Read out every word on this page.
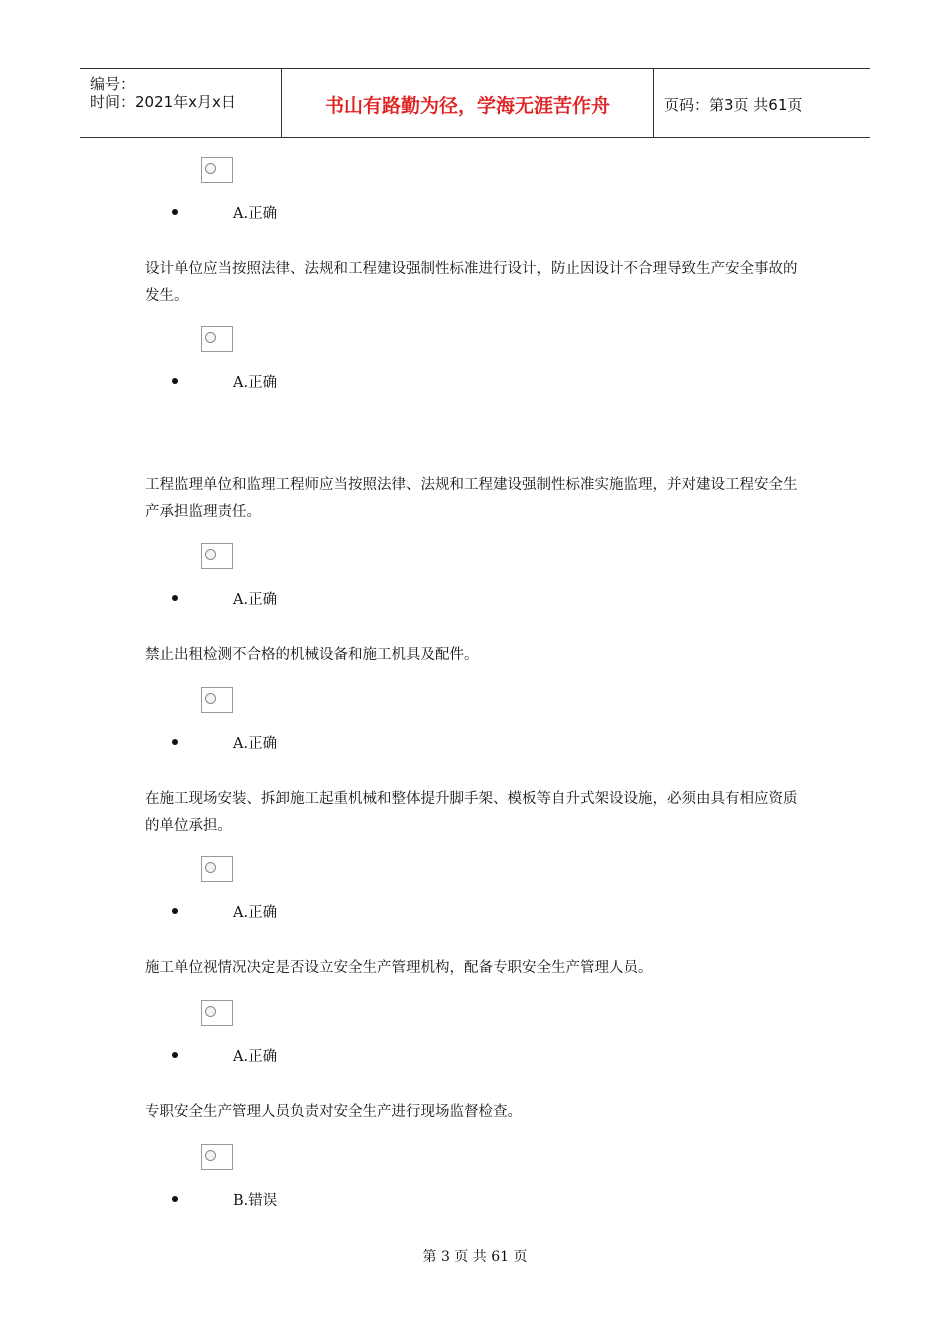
编号：
时间：2021年x月x日	书山有路勤为径，学海无涯苦作舟	页码：第3页 共61页
A.正确
设计单位应当按照法律、法规和工程建设强制性标准进行设计，防止因设计不合理导致生产安全事故的发生。
A.正确
工程监理单位和监理工程师应当按照法律、法规和工程建设强制性标准实施监理，并对建设工程安全生产承担监理责任。
A.正确
禁止出租检测不合格的机械设备和施工机具及配件。
A.正确
在施工现场安装、拆卸施工起重机械和整体提升脚手架、模板等自升式架设设施，必须由具有相应资质的单位承担。
A.正确
施工单位视情况决定是否设立安全生产管理机构，配备专职安全生产管理人员。
A.正确
专职安全生产管理人员负责对安全生产进行现场监督检查。
B.错误
第 3 页 共 61 页
